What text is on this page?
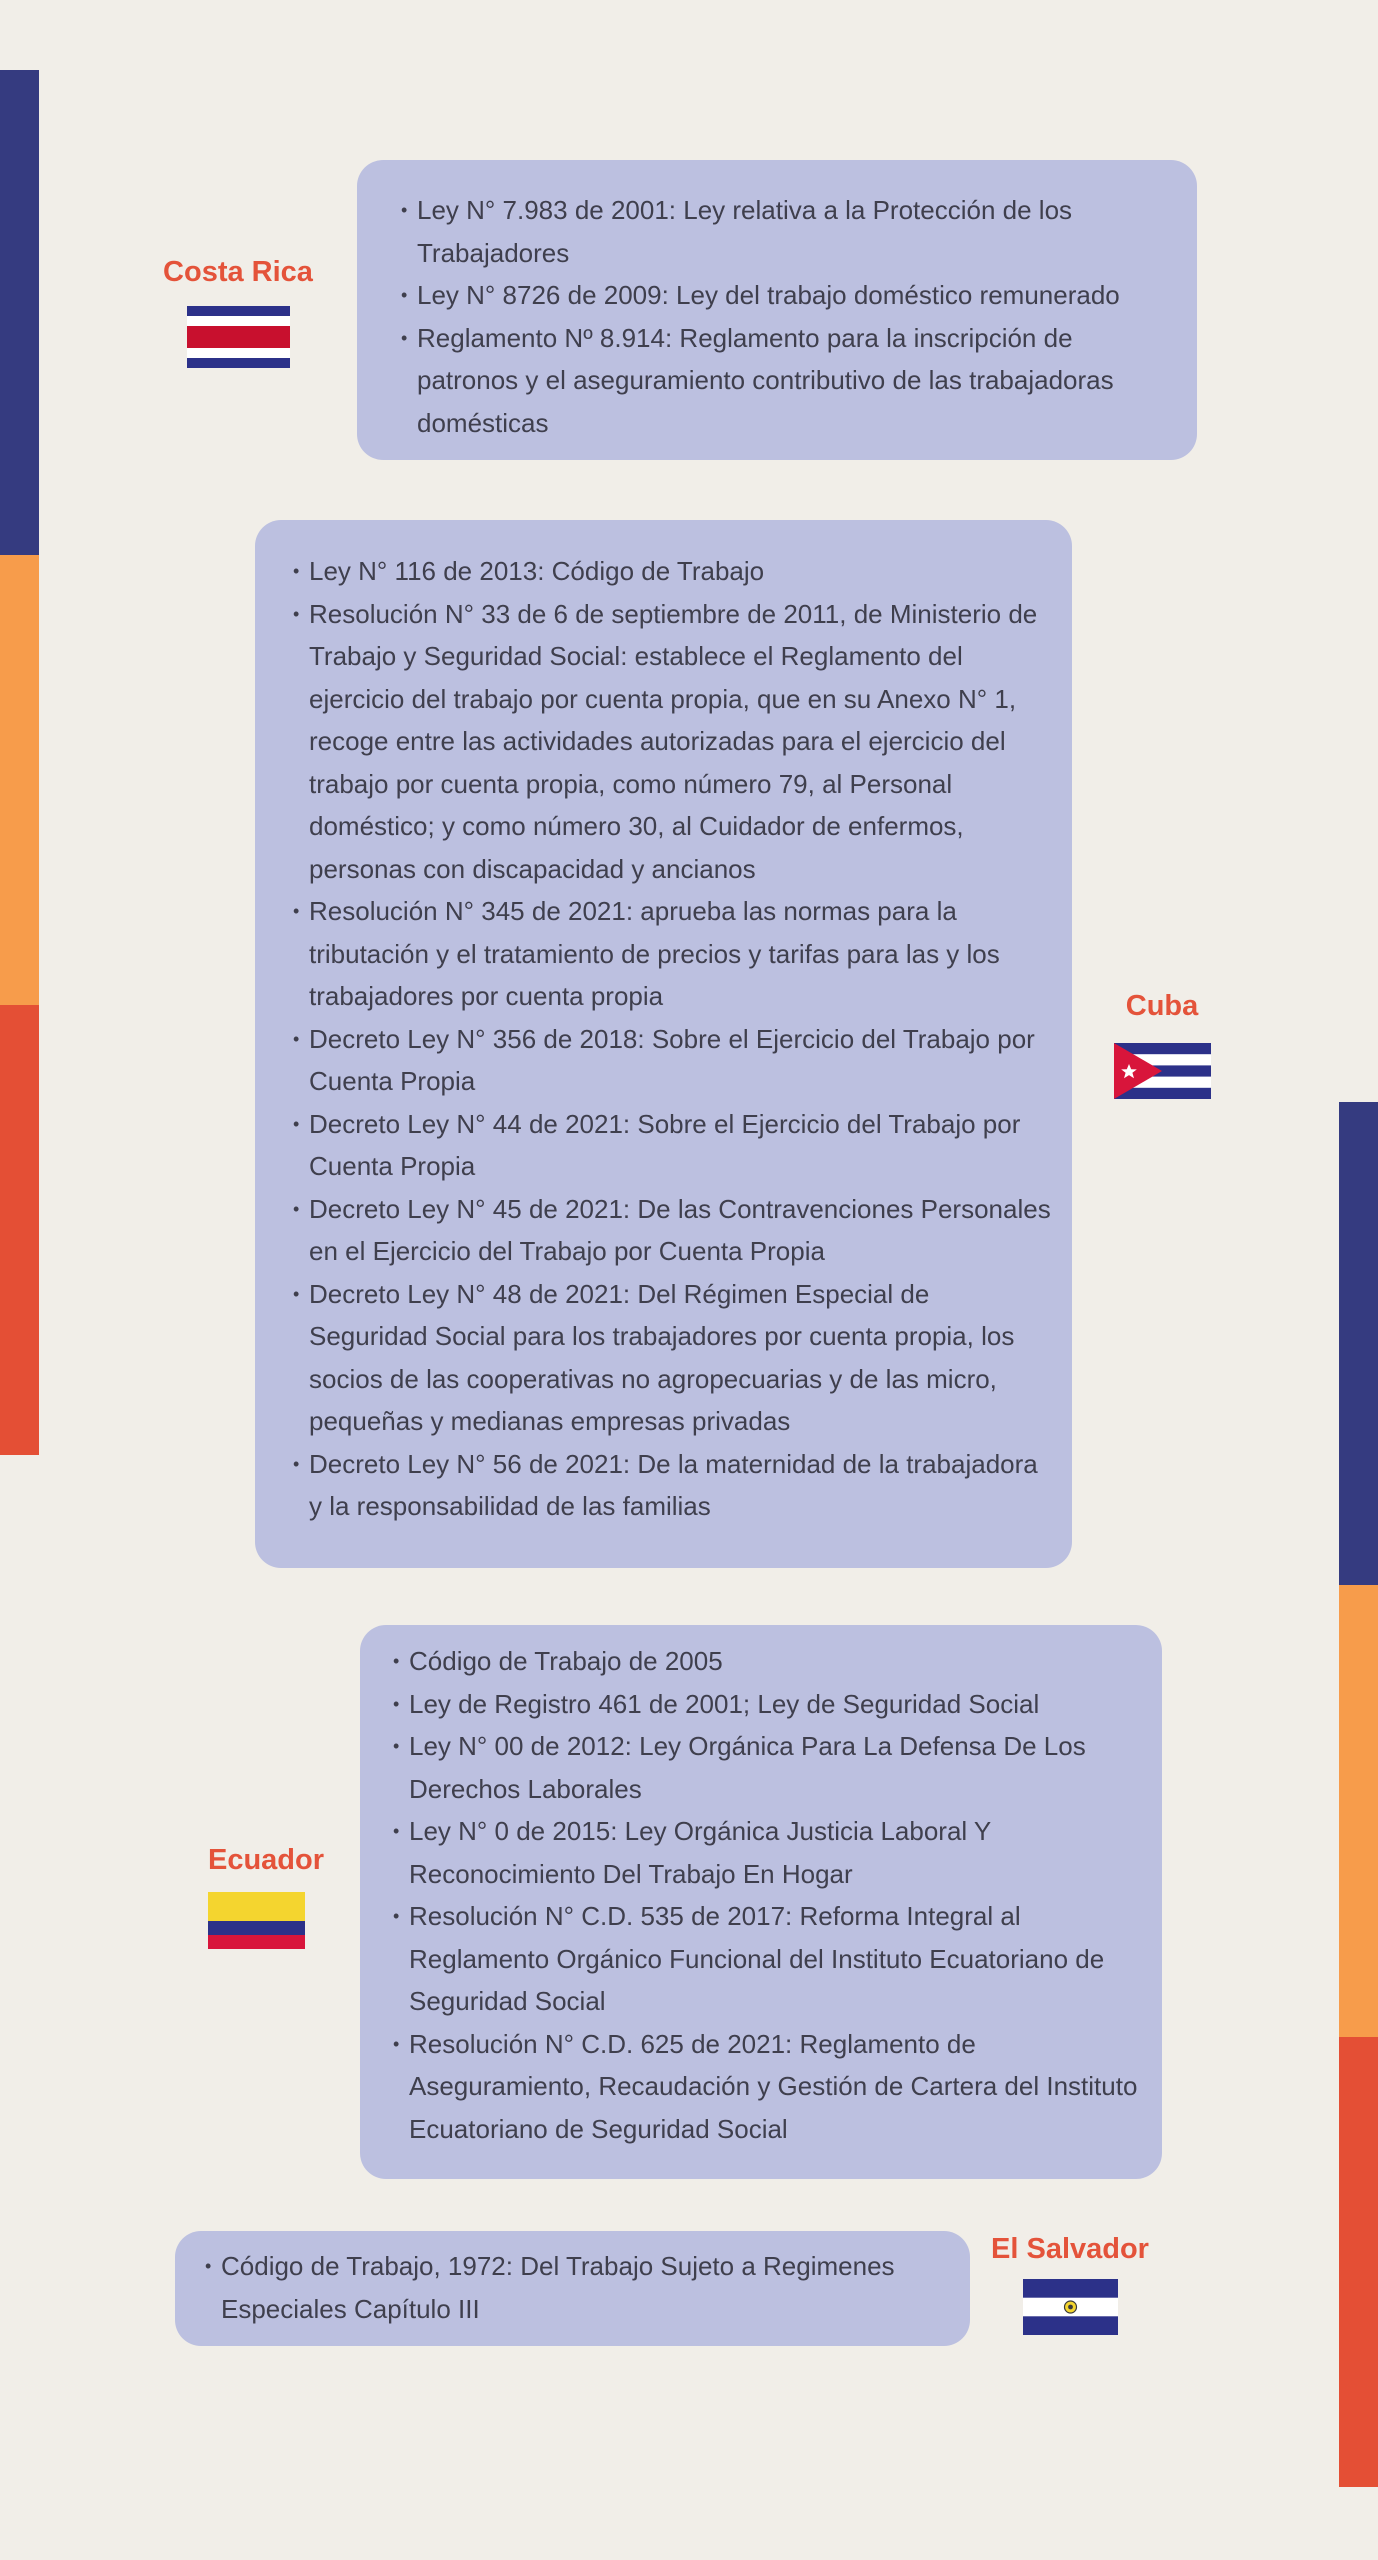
• Ley N° 7.983 de 2001: Ley relativa a la Protección de los Trabajadores
• Ley N° 8726 de 2009: Ley del trabajo doméstico remunerado
• Reglamento Nº 8.914: Reglamento para la inscripción de patronos y el aseguramiento contributivo de las trabajadoras domésticas
Costa Rica
• Ley N° 116 de 2013: Código de Trabajo
• Resolución N° 33 de 6 de septiembre de 2011, de Ministerio de Trabajo y Seguridad Social: establece el Reglamento del ejercicio del trabajo por cuenta propia, que en su Anexo N° 1, recoge entre las actividades autorizadas para el ejercicio del trabajo por cuenta propia, como número 79, al Personal doméstico; y como número 30, al Cuidador de enfermos, personas con discapacidad y ancianos
• Resolución N° 345 de 2021: aprueba las normas para la tributación y el tratamiento de precios y tarifas para las y los trabajadores por cuenta propia
• Decreto Ley N° 356 de 2018: Sobre el Ejercicio del Trabajo por Cuenta Propia
• Decreto Ley N° 44 de 2021: Sobre el Ejercicio del Trabajo por Cuenta Propia
• Decreto Ley N° 45 de 2021: De las Contravenciones Personales en el Ejercicio del Trabajo por Cuenta Propia
• Decreto Ley N° 48 de 2021: Del Régimen Especial de Seguridad Social para los trabajadores por cuenta propia, los socios de las cooperativas no agropecuarias y de las micro, pequeñas y medianas empresas privadas
• Decreto Ley N° 56 de 2021: De la maternidad de la trabajadora y la responsabilidad de las familias
Cuba
• Código de Trabajo de 2005
• Ley de Registro 461 de 2001; Ley de Seguridad Social
• Ley N° 00 de 2012: Ley Orgánica Para La Defensa De Los Derechos Laborales
• Ley N° 0 de 2015: Ley Orgánica Justicia Laboral Y Reconocimiento Del Trabajo En Hogar
• Resolución N° C.D. 535 de 2017: Reforma Integral al Reglamento Orgánico Funcional del Instituto Ecuatoriano de Seguridad Social
• Resolución N° C.D. 625 de 2021: Reglamento de Aseguramiento, Recaudación y Gestión de Cartera del Instituto Ecuatoriano de Seguridad Social
Ecuador
• Código de Trabajo, 1972: Del Trabajo Sujeto a Regimenes Especiales Capítulo III
El Salvador
